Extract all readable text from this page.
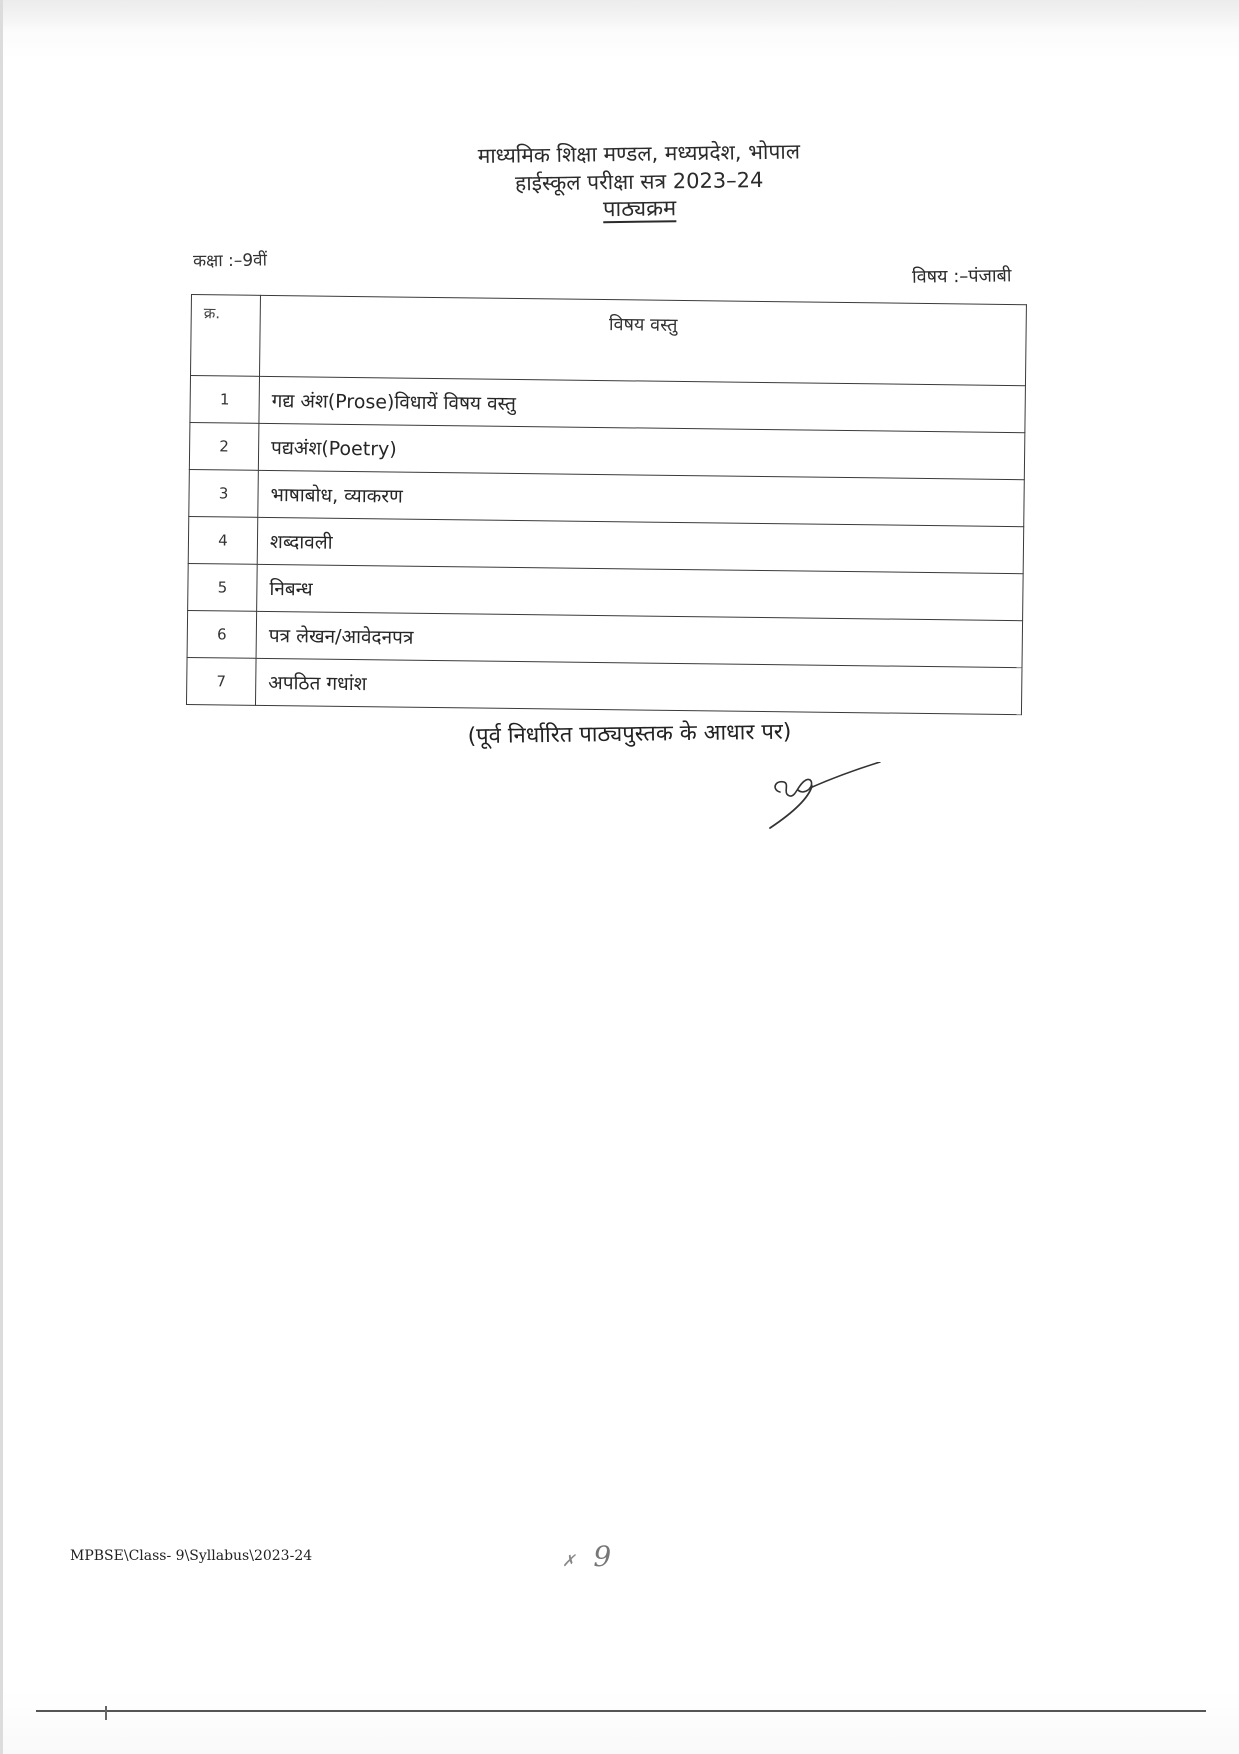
माध्यमिक शिक्षा मण्डल, मध्यप्रदेश, भोपाल
हाईस्कूल परीक्षा सत्र 2023–24
पाठ्यक्रम
कक्षा :–9वीं
विषय :–पंजाबी
क्र.	विषय वस्तु
1	गद्य अंश(Prose)विधायें विषय वस्तु
2	पद्यअंश(Poetry)
3	भाषाबोध, व्याकरण
4	शब्दावली
5	निबन्ध
6	पत्र लेखन/आवेदनपत्र
7	अपठित गधांश
(पूर्व निर्धारित पाठ्यपुस्तक के आधार पर)
MPBSE\Class- 9\Syllabus\2023-24	✗ 9
